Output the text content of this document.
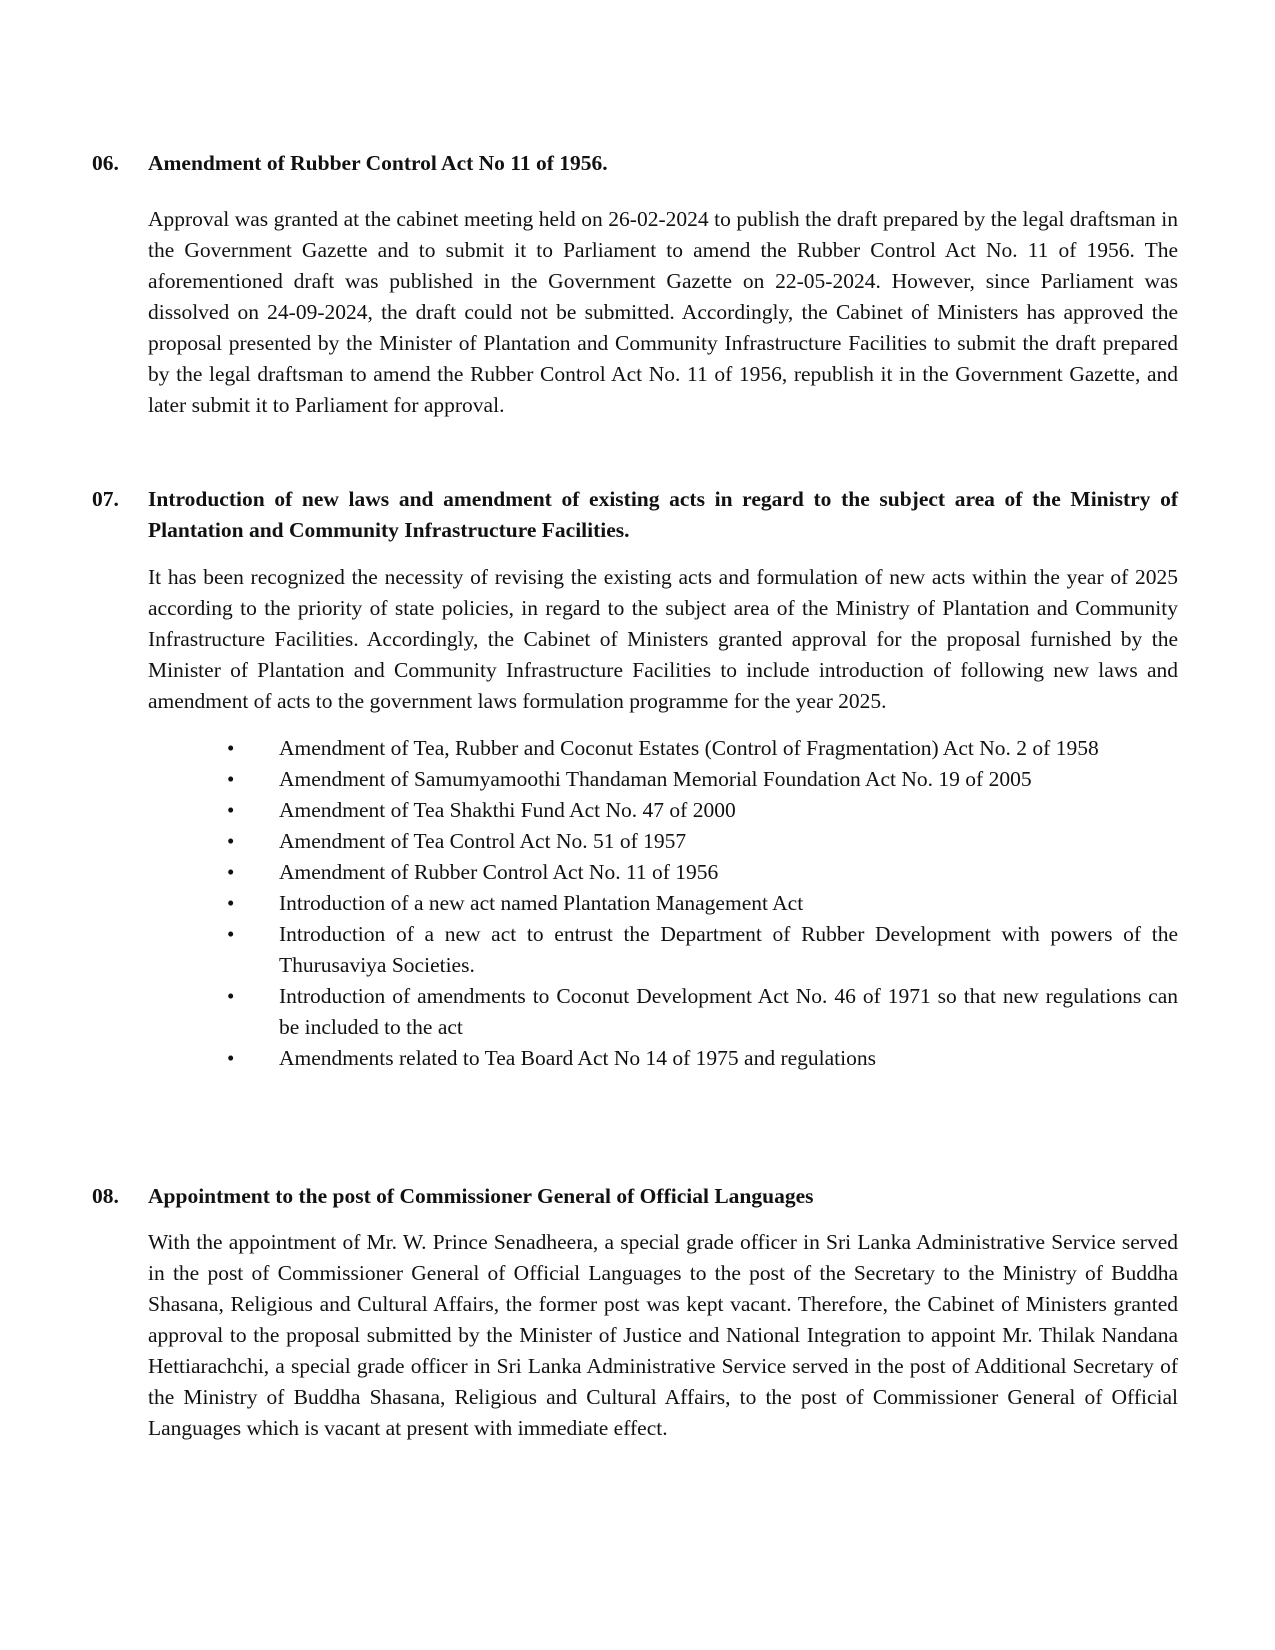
06.	Amendment of Rubber Control Act No 11 of 1956.

Approval was granted at the cabinet meeting held on 26-02-2024 to publish the draft prepared by the legal draftsman in the Government Gazette and to submit it to Parliament to amend the Rubber Control Act No. 11 of 1956. The aforementioned draft was published in the Government Gazette on 22-05-2024. However, since Parliament was dissolved on 24-09-2024, the draft could not be submitted. Accordingly, the Cabinet of Ministers has approved the proposal presented by the Minister of Plantation and Community Infrastructure Facilities to submit the draft prepared by the legal draftsman to amend the Rubber Control Act No. 11 of 1956, republish it in the Government Gazette, and later submit it to Parliament for approval.

07.	Introduction of new laws and amendment of existing acts in regard to the subject area of the Ministry of Plantation and Community Infrastructure Facilities.

It has been recognized the necessity of revising the existing acts and formulation of new acts within the year of 2025 according to the priority of state policies, in regard to the subject area of the Ministry of Plantation and Community Infrastructure Facilities. Accordingly, the Cabinet of Ministers granted approval for the proposal furnished by the Minister of Plantation and Community Infrastructure Facilities to include introduction of following new laws and amendment of acts to the government laws formulation programme for the year 2025.

•	Amendment of Tea, Rubber and Coconut Estates (Control of Fragmentation) Act No. 2 of 1958
•	Amendment of Samumyamoothi Thandaman Memorial Foundation Act No. 19 of 2005
•	Amendment of Tea Shakthi Fund Act No. 47 of 2000
•	Amendment of Tea Control Act No. 51 of 1957
•	Amendment of Rubber Control Act No. 11 of 1956
•	Introduction of a new act named Plantation Management Act
•	Introduction of a new act to entrust the Department of Rubber Development with powers of the Thurusaviya Societies.
•	Introduction of amendments to Coconut Development Act No. 46 of 1971 so that new regulations can be included to the act
•	Amendments related to Tea Board Act No 14 of 1975 and regulations
08.	Appointment to the post of Commissioner General of Official Languages

With the appointment of Mr. W. Prince Senadheera, a special grade officer in Sri Lanka Administrative Service served in the post of Commissioner General of Official Languages to the post of the Secretary to the Ministry of Buddha Shasana, Religious and Cultural Affairs, the former post was kept vacant. Therefore, the Cabinet of Ministers granted approval to the proposal submitted by the Minister of Justice and National Integration to appoint Mr. Thilak Nandana Hettiarachchi, a special grade officer in Sri Lanka Administrative Service served in the post of Additional Secretary of the Ministry of Buddha Shasana, Religious and Cultural Affairs, to the post of Commissioner General of Official Languages which is vacant at present with immediate effect.
